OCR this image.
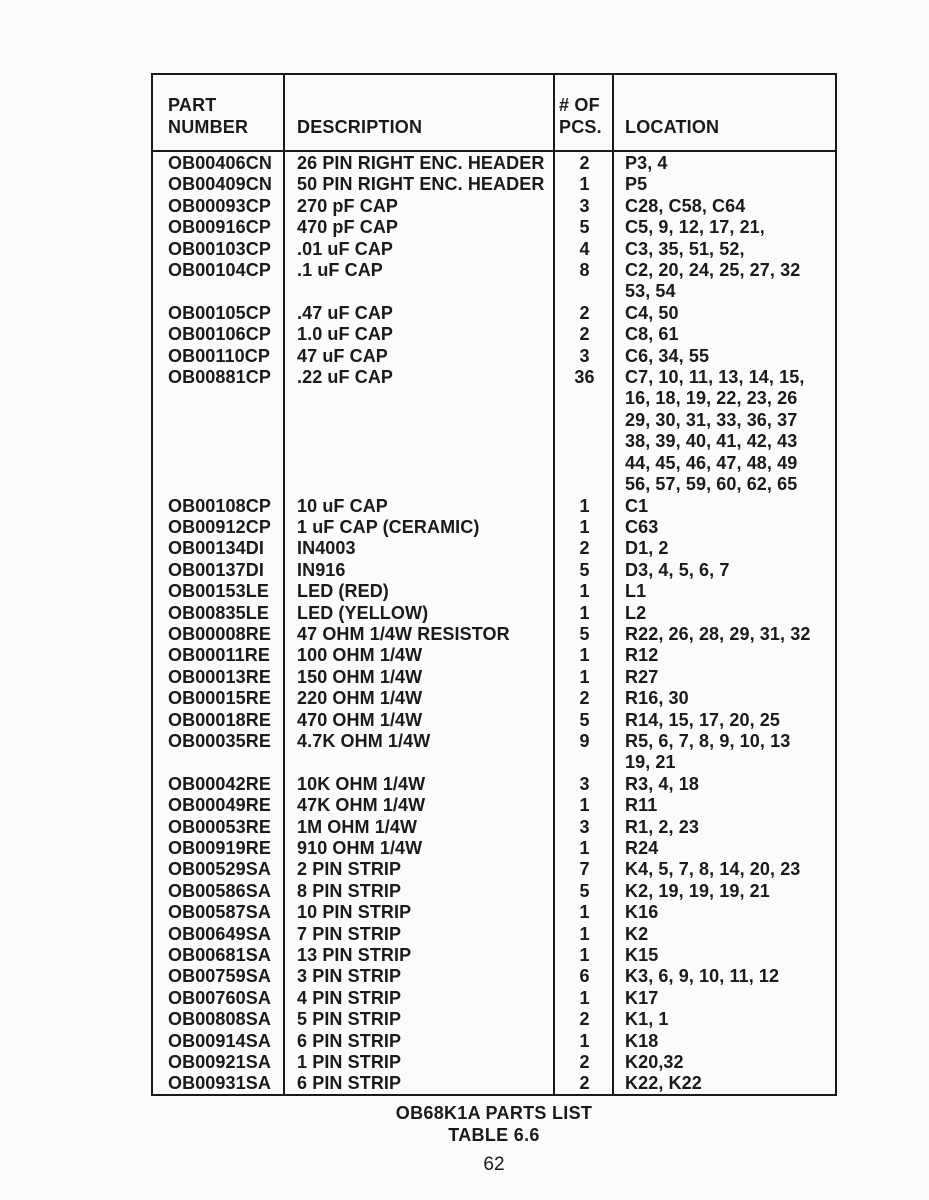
PART
NUMBER	DESCRIPTION
# OF
PCS.	LOCATION
OB00406CN	26 PIN RIGHT ENC. HEADER	2	P3, 4
OB00409CN	50 PIN RIGHT ENC. HEADER	1	P5
OB00093CP	270 pF CAP	3	C28, C58, C64
OB00916CP	470 pF CAP	5	C5, 9, 12, 17, 21,
OB00103CP	.01 uF CAP	4	C3, 35, 51, 52,
OB00104CP	.1 uF CAP	8	C2, 20, 24, 25, 27, 32
53, 54
OB00105CP	.47 uF CAP	2	C4, 50
OB00106CP	1.0 uF CAP	2	C8, 61
OB00110CP	47 uF CAP	3	C6, 34, 55
OB00881CP	.22 uF CAP	36	C7, 10, 11, 13, 14, 15,
16, 18, 19, 22, 23, 26
29, 30, 31, 33, 36, 37
38, 39, 40, 41, 42, 43
44, 45, 46, 47, 48, 49
56, 57, 59, 60, 62, 65
OB00108CP	10 uF CAP	1	C1
OB00912CP	1 uF CAP (CERAMIC)	1	C63
OB00134DI	IN4003	2	D1, 2
OB00137DI	IN916	5	D3, 4, 5, 6, 7
OB00153LE	LED (RED)	1	L1
OB00835LE	LED (YELLOW)	1	L2
OB00008RE	47 OHM 1/4W RESISTOR	5	R22, 26, 28, 29, 31, 32
OB00011RE	100 OHM 1/4W	1	R12
OB00013RE	150 OHM 1/4W	1	R27
OB00015RE	220 OHM 1/4W	2	R16, 30
OB00018RE	470 OHM 1/4W	5	R14, 15, 17, 20, 25
OB00035RE	4.7K OHM 1/4W	9	R5, 6, 7, 8, 9, 10, 13
19, 21
OB00042RE	10K OHM 1/4W	3	R3, 4, 18
OB00049RE	47K OHM 1/4W	1	R11
OB00053RE	1M OHM 1/4W	3	R1, 2, 23
OB00919RE	910 OHM 1/4W	1	R24
OB00529SA	2 PIN STRIP	7	K4, 5, 7, 8, 14, 20, 23
OB00586SA	8 PIN STRIP	5	K2, 19, 19, 19, 21
OB00587SA	10 PIN STRIP	1	K16
OB00649SA	7 PIN STRIP	1	K2
OB00681SA	13 PIN STRIP	1	K15
OB00759SA	3 PIN STRIP	6	K3, 6, 9, 10, 11, 12
OB00760SA	4 PIN STRIP	1	K17
OB00808SA	5 PIN STRIP	2	K1, 1
OB00914SA	6 PIN STRIP	1	K18
OB00921SA	1 PIN STRIP	2	K20,32
OB00931SA	6 PIN STRIP	2	K22, K22
OB68K1A PARTS LIST
TABLE 6.6
62
